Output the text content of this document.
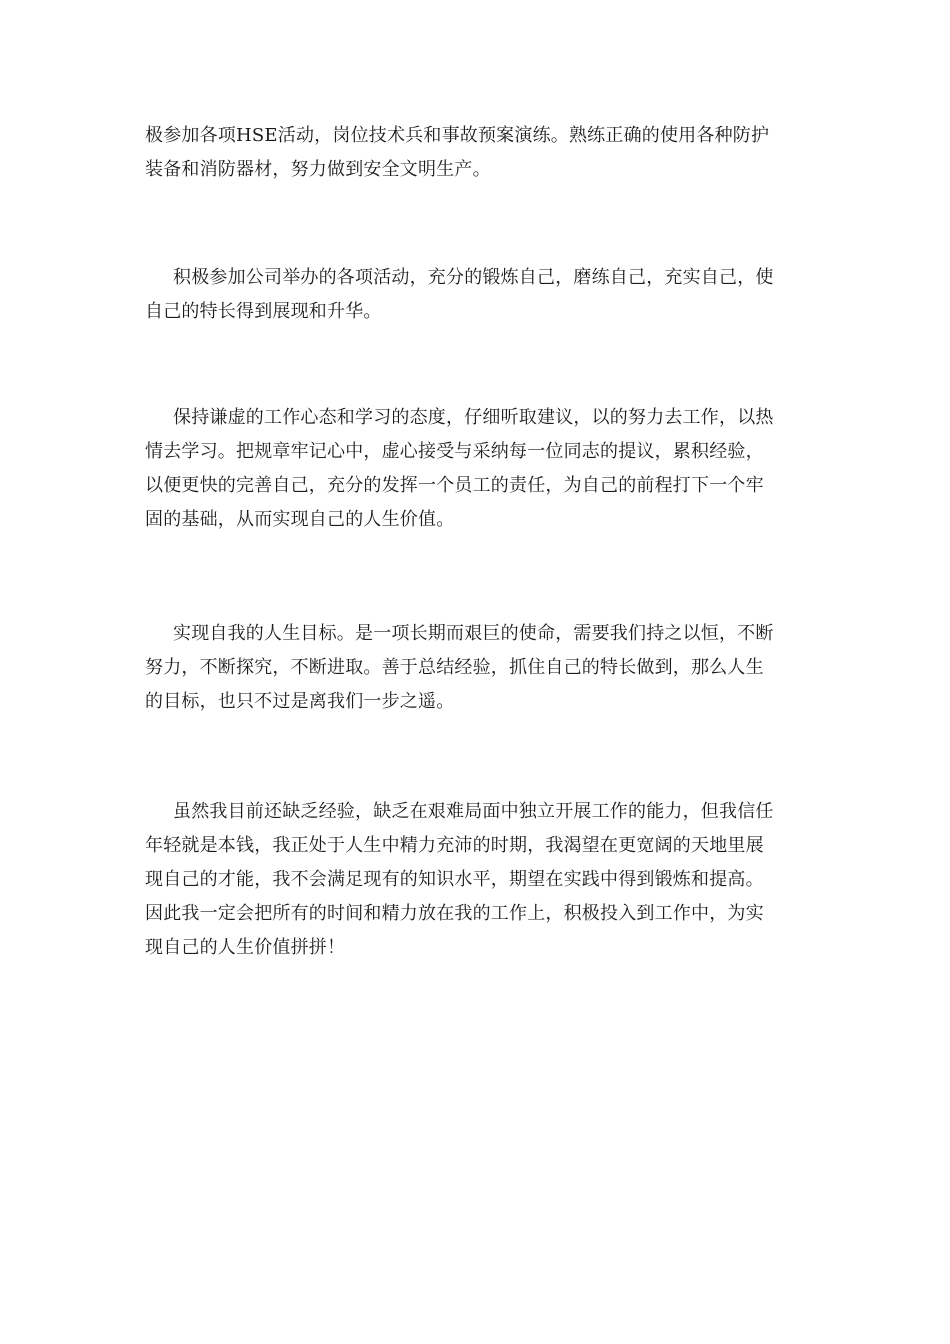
极参加各项HSE活动，岗位技术兵和事故预案演练。熟练正确的使用各种防护
装备和消防器材，努力做到安全文明生产。

积极参加公司举办的各项活动，充分的锻炼自己，磨练自己，充实自己，使
自己的特长得到展现和升华。

保持谦虚的工作心态和学习的态度，仔细听取建议，以的努力去工作，以热
情去学习。把规章牢记心中，虚心接受与采纳每一位同志的提议，累积经验，
以便更快的完善自己，充分的发挥一个员工的责任，为自己的前程打下一个牢
固的基础，从而实现自己的人生价值。

实现自我的人生目标。是一项长期而艰巨的使命，需要我们持之以恒，不断
努力，不断探究，不断进取。善于总结经验，抓住自己的特长做到，那么人生
的目标，也只不过是离我们一步之遥。

虽然我目前还缺乏经验，缺乏在艰难局面中独立开展工作的能力，但我信任
年轻就是本钱，我正处于人生中精力充沛的时期，我渴望在更宽阔的天地里展
现自己的才能，我不会满足现有的知识水平，期望在实践中得到锻炼和提高。
因此我一定会把所有的时间和精力放在我的工作上，积极投入到工作中，为实
现自己的人生价值拼拼！
